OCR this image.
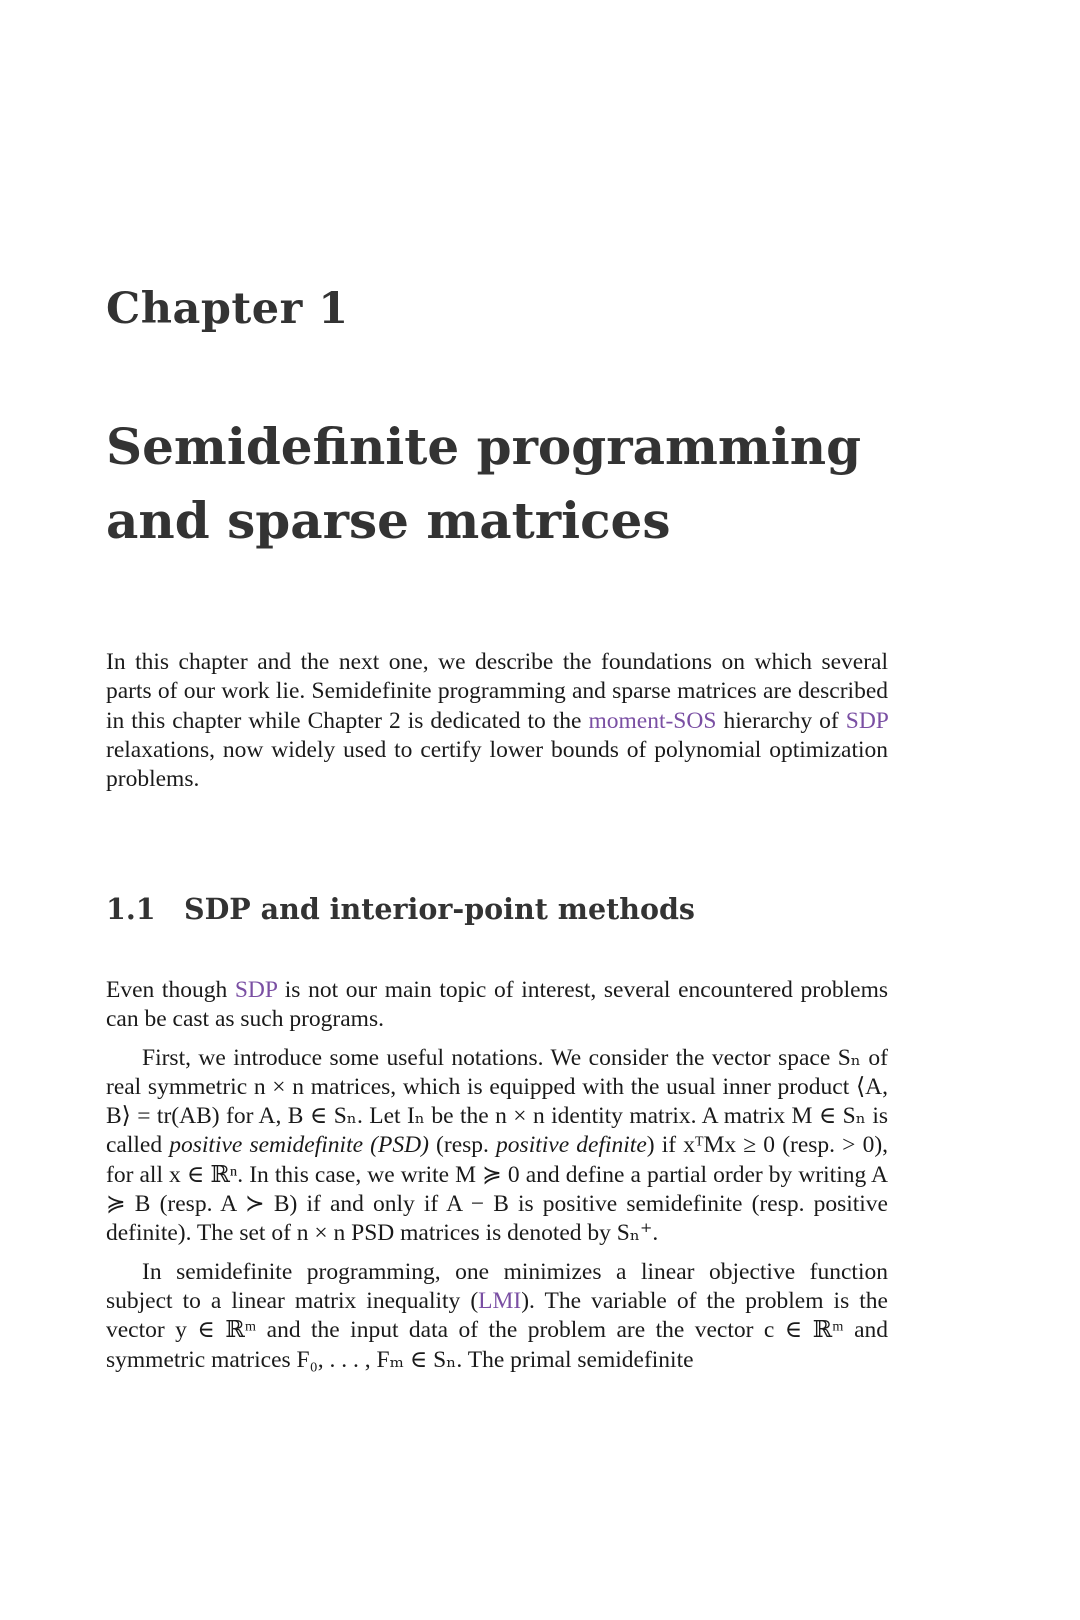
Chapter 1
Semidefinite programming
and sparse matrices

In this chapter and the next one, we describe the foundations on which several parts of our work lie. Semidefinite programming and sparse matrices are described in this chapter while Chapter 2 is dedicated to the moment-SOS hierarchy of SDP relaxations, now widely used to certify lower bounds of polynomial optimization problems.

1.1 SDP and interior-point methods

Even though SDP is not our main topic of interest, several encountered problems can be cast as such programs.

First, we introduce some useful notations. We consider the vector space Sₙ of real symmetric n × n matrices, which is equipped with the usual inner product ⟨A, B⟩ = tr(AB) for A, B ∈ Sₙ. Let Iₙ be the n × n identity matrix. A matrix M ∈ Sₙ is called positive semidefinite (PSD) (resp. positive definite) if xᵀMx ≥ 0 (resp. > 0), for all x ∈ ℝⁿ. In this case, we write M ≽ 0 and define a partial order by writing A ≽ B (resp. A ≻ B) if and only if A − B is positive semidefinite (resp. positive definite). The set of n × n PSD matrices is denoted by Sₙ⁺.

In semidefinite programming, one minimizes a linear objective function subject to a linear matrix inequality (LMI). The variable of the problem is the vector y ∈ ℝᵐ and the input data of the problem are the vector c ∈ ℝᵐ and symmetric matrices F₀, . . . , Fₘ ∈ Sₙ. The primal semidefinite
